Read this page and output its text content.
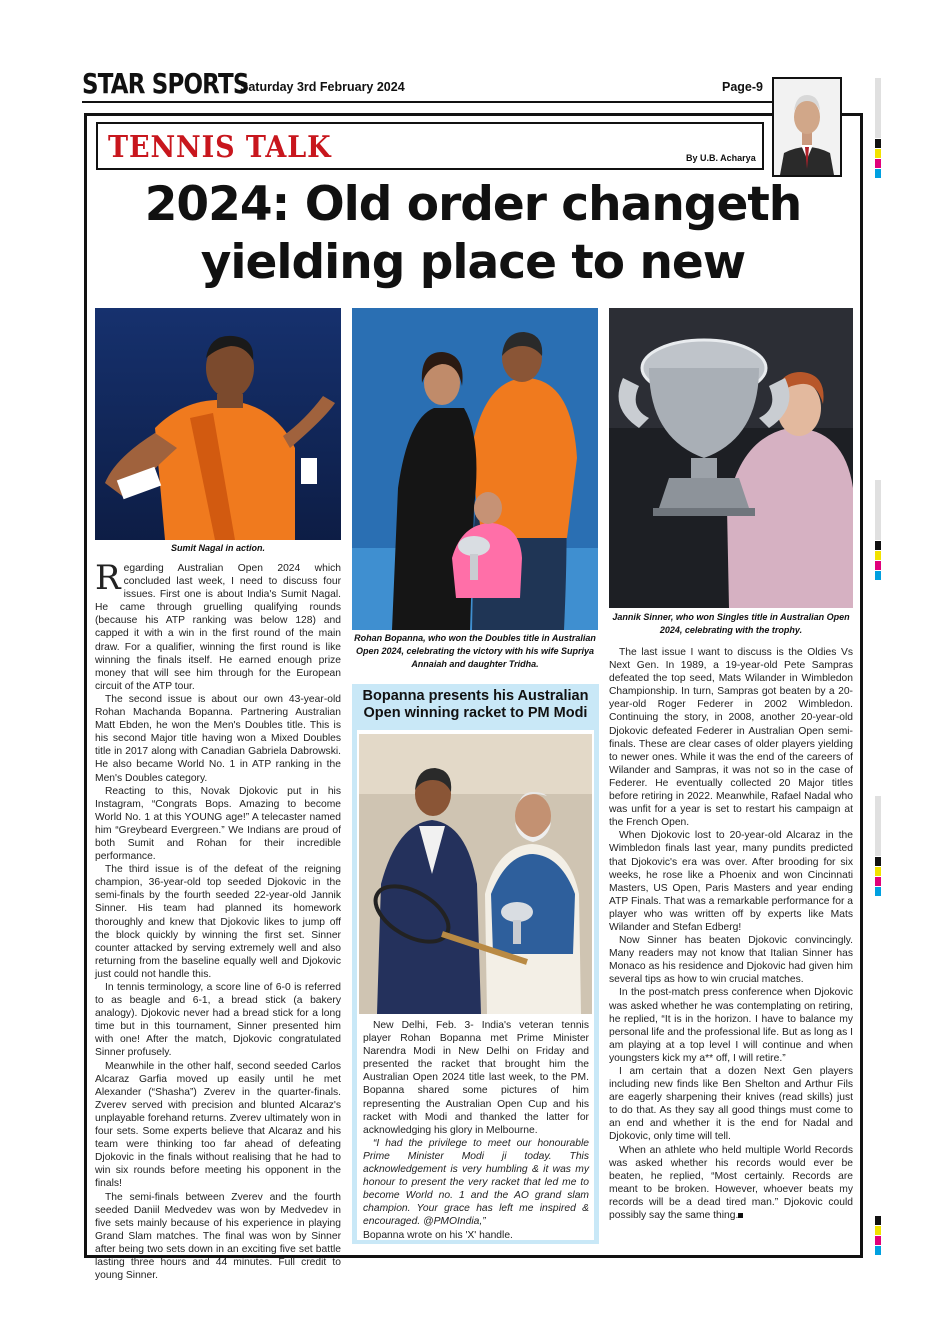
STAR SPORTS
Saturday 3rd February 2024	Page-9
TENNIS TALK	By U.B. Acharya
2024: Old order changeth
yielding place to new
Sumit Nagal in action.
Rohan Bopanna, who won the Doubles title in Australian Open 2024, celebrating the victory with his wife Supriya Annaiah and daughter Tridha.
Jannik Sinner, who won Singles title in Australian Open 2024, celebrating with the trophy.

Regarding Australian Open 2024 which concluded last week, I need to discuss four issues. First one is about India's Sumit Nagal. He came through gruelling qualifying rounds (because his ATP ranking was below 128) and capped it with a win in the first round of the main draw. For a qualifier, winning the first round is like winning the finals itself. He earned enough prize money that will see him through for the European circuit of the ATP tour.

The second issue is about our own 43-year-old Rohan Machanda Bopanna. Partnering Australian Matt Ebden, he won the Men's Doubles title. This is his second Major title having won a Mixed Doubles title in 2017 along with Canadian Gabriela Dabrowski. He also became World No. 1 in ATP ranking in the Men's Doubles category.

Reacting to this, Novak Djokovic put in his Instagram, “Congrats Bops. Amazing to become World No. 1 at this YOUNG age!” A telecaster named him “Greybeard Evergreen.” We Indians are proud of both Sumit and Rohan for their incredible performance.

The third issue is of the defeat of the reigning champion, 36-year-old top seeded Djokovic in the semi-finals by the fourth seeded 22-year-old Jannik Sinner. His team had planned its homework thoroughly and knew that Djokovic likes to jump off the block quickly by winning the first set. Sinner counter attacked by serving extremely well and also returning from the baseline equally well and Djokovic just could not handle this.

In tennis terminology, a score line of 6-0 is referred to as beagle and 6-1, a bread stick (a bakery analogy). Djokovic never had a bread stick for a long time but in this tournament, Sinner presented him with one! After the match, Djokovic congratulated Sinner profusely.

Meanwhile in the other half, second seeded Carlos Alcaraz Garfia moved up easily until he met Alexander (“Shasha”) Zverev in the quarter-finals. Zverev served with precision and blunted Alcaraz's unplayable forehand returns. Zverev ultimately won in four sets. Some experts believe that Alcaraz and his team were thinking too far ahead of defeating Djokovic in the finals without realising that he had to win six rounds before meeting his opponent in the finals!

The semi-finals between Zverev and the fourth seeded Daniil Medvedev was won by Medvedev in five sets mainly because of his experience in playing Grand Slam matches. The final was won by Sinner after being two sets down in an exciting five set battle lasting three hours and 44 minutes. Full credit to young Sinner.

Bopanna presents his Australian Open winning racket to PM Modi

New Delhi, Feb. 3- India's veteran tennis player Rohan Bopanna met Prime Minister Narendra Modi in New Delhi on Friday and presented the racket that brought him the Australian Open 2024 title last week, to the PM. Bopanna shared some pictures of him representing the Australian Open Cup and his racket with Modi and thanked the latter for acknowledging his glory in Melbourne.

“I had the privilege to meet our honourable Prime Minister Modi ji today. This acknowledgement is very humbling & it was my honour to present the very racket that led me to become World no. 1 and the AO grand slam champion. Your grace has left me inspired & encouraged. @PMOIndia,”

Bopanna wrote on his 'X' handle.

The last issue I want to discuss is the Oldies Vs Next Gen. In 1989, a 19-year-old Pete Sampras defeated the top seed, Mats Wilander in Wimbledon Championship. In turn, Sampras got beaten by a 20-year-old Roger Federer in 2002 Wimbledon. Continuing the story, in 2008, another 20-year-old Djokovic defeated Federer in Australian Open semi-finals. These are clear cases of older players yielding to newer ones. While it was the end of the careers of Wilander and Sampras, it was not so in the case of Federer. He eventually collected 20 Major titles before retiring in 2022. Meanwhile, Rafael Nadal who was unfit for a year is set to restart his campaign at the French Open.

When Djokovic lost to 20-year-old Alcaraz in the Wimbledon finals last year, many pundits predicted that Djokovic's era was over. After brooding for six weeks, he rose like a Phoenix and won Cincinnati Masters, US Open, Paris Masters and year ending ATP Finals. That was a remarkable performance for a player who was written off by experts like Mats Wilander and Stefan Edberg!

Now Sinner has beaten Djokovic convincingly. Many readers may not know that Italian Sinner has Monaco as his residence and Djokovic had given him several tips as how to win crucial matches.

In the post-match press conference when Djokovic was asked whether he was contemplating on retiring, he replied, “It is in the horizon. I have to balance my personal life and the professional life. But as long as I am playing at a top level I will continue and when youngsters kick my a** off, I will retire.”

I am certain that a dozen Next Gen players including new finds like Ben Shelton and Arthur Fils are eagerly sharpening their knives (read skills) just to do that. As they say all good things must come to an end and whether it is the end for Nadal and Djokovic, only time will tell.

When an athlete who held multiple World Records was asked whether his records would ever be beaten, he replied, “Most certainly. Records are meant to be broken. However, whoever beats my records will be a dead tired man.” Djokovic could possibly say the same thing.
